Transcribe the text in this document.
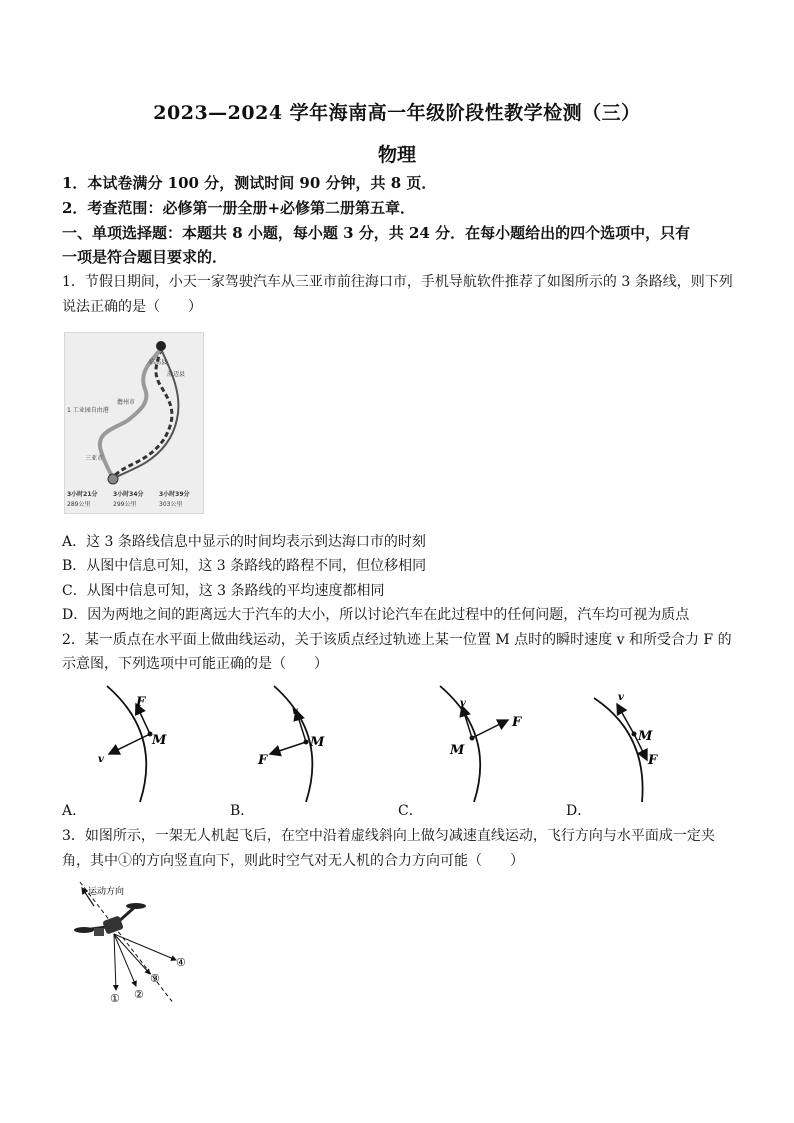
2023—2024 学年海南高一年级阶段性教学检测（三）
物理
1．本试卷满分 100 分，测试时间 90 分钟，共 8 页．
2．考查范围：必修第一册全册+必修第二册第五章．
一、单项选择题：本题共 8 小题，每小题 3 分，共 24 分．在每小题给出的四个选项中，只有
一项是符合题目要求的．
1．节假日期间，小天一家驾驶汽车从三亚市前往海口市，手机导航软件推荐了如图所示的 3 条路线，则下列
说法正确的是（　　）
临高县
澄迈县
儋州市
1 工业园自由港
三亚市
3小时21分
289公里
3小时34分
299公里
3小时39分
303公里
A．这 3 条路线信息中显示的时间均表示到达海口市的时刻
B．从图中信息可知，这 3 条路线的路程不同，但位移相同
C．从图中信息可知，这 3 条路线的平均速度都相同
D．因为两地之间的距离远大于汽车的大小，所以讨论汽车在此过程中的任何问题，汽车均可视为质点
2．某一质点在水平面上做曲线运动，关于该质点经过轨迹上某一位置 M 点时的瞬时速度 v 和所受合力 F 的
示意图，下列选项中可能正确的是（　　）
F
M
v
v
M
F
v
M
F
v
M
F
A．	B．	C．	D．
3．如图所示，一架无人机起飞后，在空中沿着虚线斜向上做匀减速直线运动，飞行方向与水平面成一定夹
角，其中①的方向竖直向下，则此时空气对无人机的合力方向可能（　　）
运动方向
① ②
③
④
